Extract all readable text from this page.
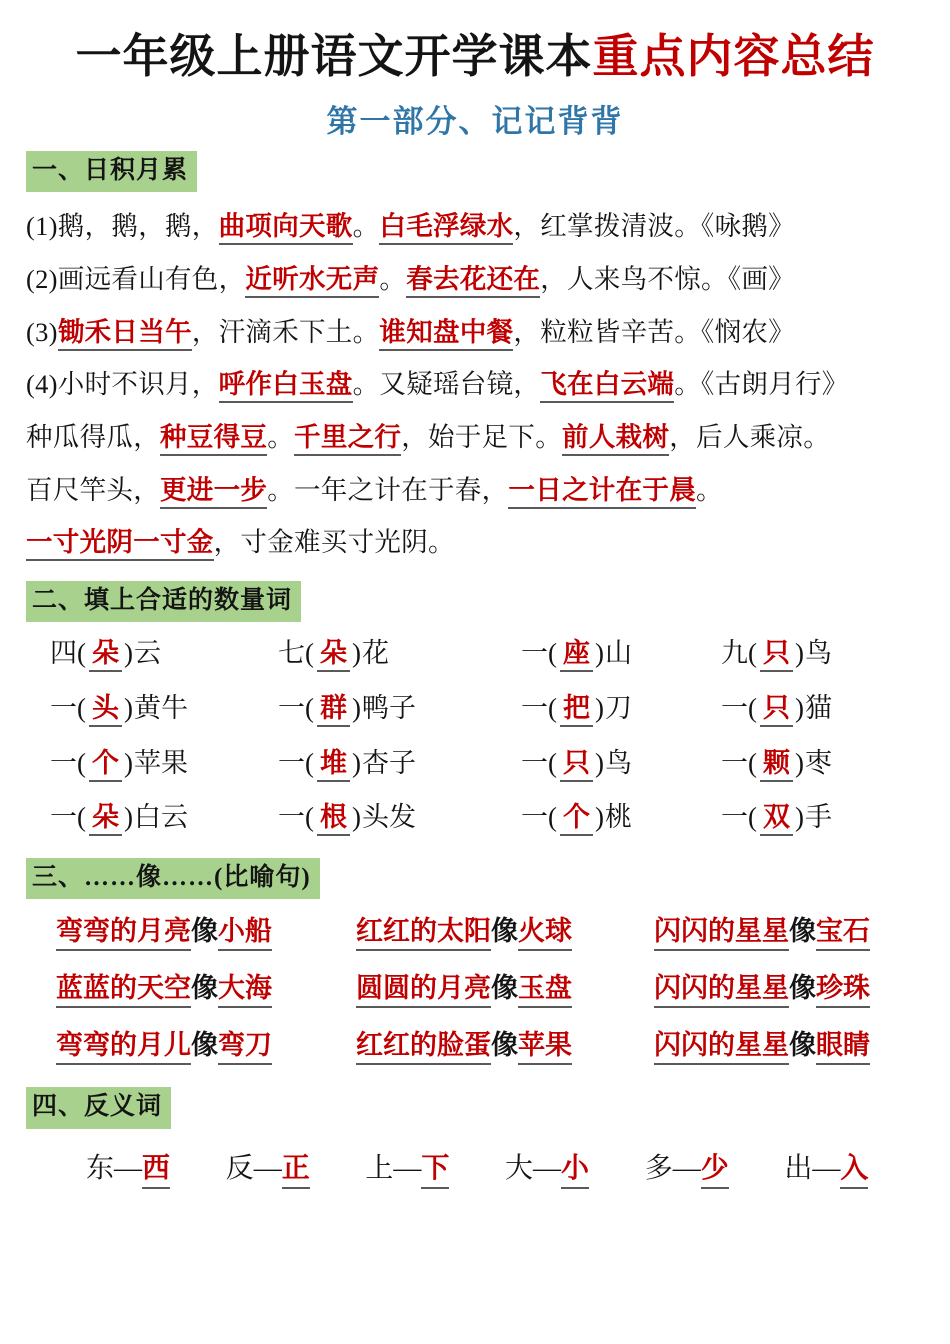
一年级上册语文开学课本重点内容总结
第一部分、记记背背
一、日积月累
(1)鹅，鹅，鹅，曲项向天歌。白毛浮绿水，红掌拨清波。《咏鹅》
(2)画远看山有色，近听水无声。春去花还在，人来鸟不惊。《画》
(3)锄禾日当午，汗滴禾下土。谁知盘中餐，粒粒皆辛苦。《悯农》
(4)小时不识月，呼作白玉盘。又疑瑶台镜，飞在白云端。《古朗月行》
种瓜得瓜，种豆得豆。千里之行，始于足下。前人栽树，后人乘凉。
百尺竿头，更进一步。一年之计在于春，一日之计在于晨。
一寸光阴一寸金，寸金难买寸光阴。
二、填上合适的数量词
四( 朵 )云	七( 朵 )花	一( 座 )山	九( 只 )鸟
一( 头 )黄牛	一( 群 )鸭子	一( 把 )刀	一( 只 )猫
一( 个 )苹果	一( 堆 )杏子	一( 只 )鸟	一( 颗 )枣
一( 朵 )白云	一( 根 )头发	一( 个 )桃	一( 双 )手
三、……像……(比喻句)
弯弯的月亮像小船	红红的太阳像火球	闪闪的星星像宝石
蓝蓝的天空像大海	圆圆的月亮像玉盘	闪闪的星星像珍珠
弯弯的月儿像弯刀	红红的脸蛋像苹果	闪闪的星星像眼睛
四、反义词
东—西	反—正	上—下	大—小	多—少	出—入
